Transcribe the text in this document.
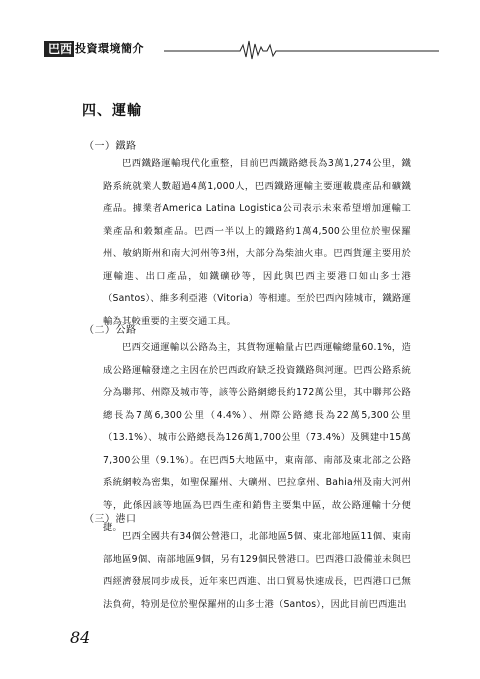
巴西 投資環境簡介
四、運輸
（一）鐵路

巴西鐵路運輸現代化重整，目前巴西鐵路總長為3萬1,274公里，鐵路系統就業人數超過4萬1,000人，巴西鐵路運輸主要運載農產品和礦鐵產品。據業者America Latina Logistica公司表示未來希望增加運輸工業產品和穀類產品。巴西一半以上的鐵路約1萬4,500公里位於聖保羅州、敏納斯州和南大河州等3州，大部分為柴油火車。巴西貨運主要用於運輸進、出口產品，如鐵礦砂等，因此與巴西主要港口如山多士港（Santos）、維多利亞港（Vitoria）等相連。至於巴西內陸城市，鐵路運輸為其較重要的主要交通工具。

（二）公路

巴西交通運輸以公路為主，其貨物運輸量占巴西運輸總量60.1%，造成公路運輸發達之主因在於巴西政府缺乏投資鐵路與河運。巴西公路系統分為聯邦、州際及城市等，該等公路網總長約172萬公里，其中聯邦公路總長為7萬6,300公里（4.4%）、州際公路總長為22萬5,300公里（13.1%）、城市公路總長為126萬1,700公里（73.4%）及興建中15萬7,300公里（9.1%）。在巴西5大地區中，東南部、南部及東北部之公路系統網較為密集，如聖保羅州、大礦州、巴拉拿州、Bahia州及南大河州等，此係因該等地區為巴西生產和銷售主要集中區，故公路運輸十分便捷。

（三）港口

巴西全國共有34個公營港口，北部地區5個、東北部地區11個、東南部地區9個、南部地區9個，另有129個民營港口。巴西港口設備並未與巴西經濟發展同步成長，近年來巴西進、出口貿易快速成長，巴西港口已無法負荷，特別是位於聖保羅州的山多士港（Santos），因此目前巴西進出

84
